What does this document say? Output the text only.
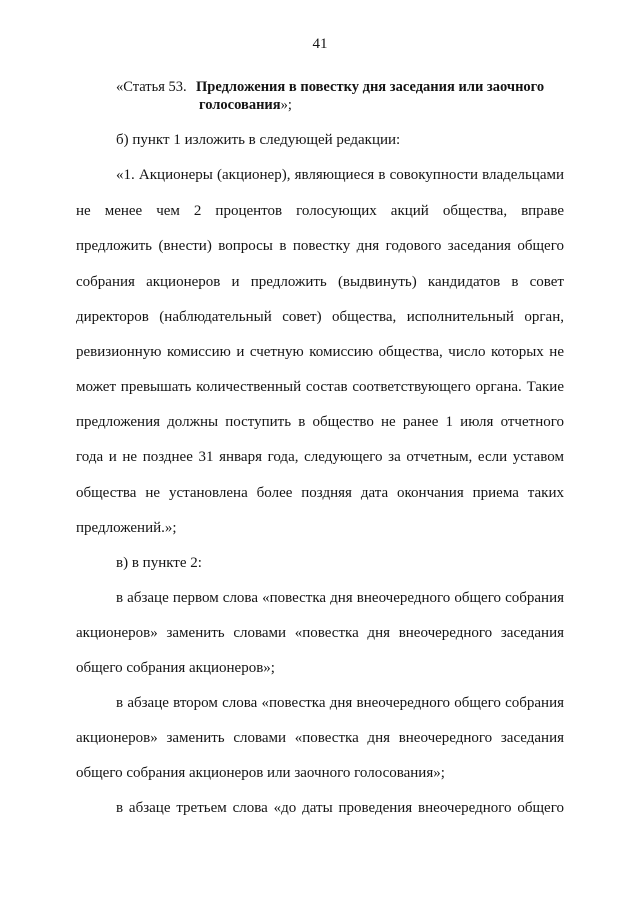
41
«Статья 53. Предложения в повестку дня заседания или заочного
голосования»;
б) пункт 1 изложить в следующей редакции:
«1. Акционеры (акционер), являющиеся в совокупности владельцами
не менее чем 2 процентов голосующих акций общества, вправе
предложить (внести) вопросы в повестку дня годового заседания общего
собрания акционеров и предложить (выдвинуть) кандидатов в совет
директоров (наблюдательный совет) общества, исполнительный орган,
ревизионную комиссию и счетную комиссию общества, число которых не
может превышать количественный состав соответствующего органа. Такие
предложения должны поступить в общество не ранее 1 июля отчетного
года и не позднее 31 января года, следующего за отчетным, если уставом
общества не установлена более поздняя дата окончания приема таких
предложений.»;
в) в пункте 2:
в абзаце первом слова «повестка дня внеочередного общего собрания
акционеров» заменить словами «повестка дня внеочередного заседания
общего собрания акционеров»;
в абзаце втором слова «повестка дня внеочередного общего собрания
акционеров» заменить словами «повестка дня внеочередного заседания
общего собрания акционеров или заочного голосования»;
в абзаце третьем слова «до даты проведения внеочередного общего
